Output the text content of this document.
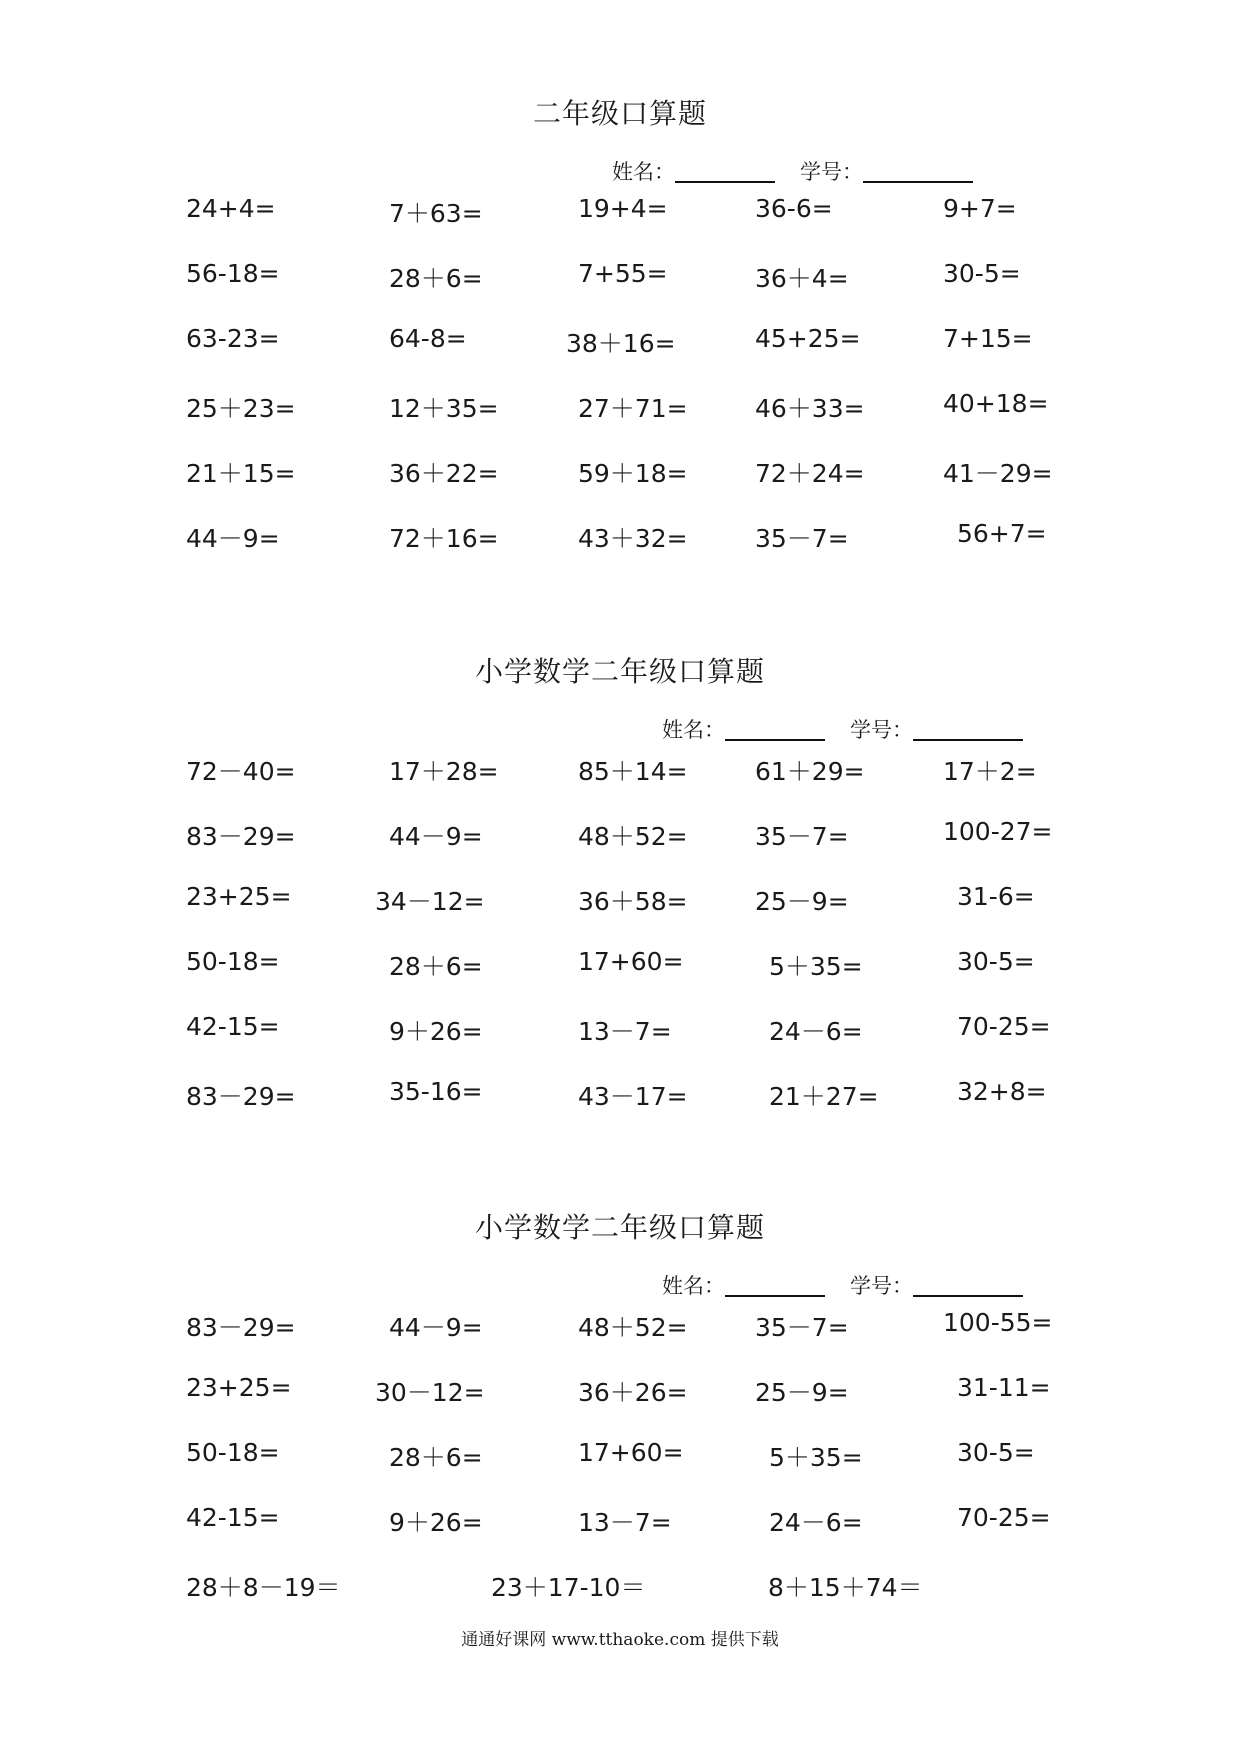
二年级口算题
姓名：	学号：
24+4=	7＋63=	19+4=	36-6=	9+7=
56-18=	28＋6=	7+55=	36＋4=	30-5=
63-23=	64-8=	38＋16=	45+25=	7+15=
25＋23=	12＋35=	27＋71=	46＋33=	40+18=
21＋15=	36＋22=	59＋18=	72＋24=	41－29=
44－9=	72＋16=	43＋32=	35－7=	56+7=
小学数学二年级口算题
姓名：	学号：
72－40=	17＋28=	85＋14=	61＋29=	17＋2=
83－29=	44－9=	48＋52=	35－7=	100-27=
23+25=	34－12=	36＋58=	25－9=	31-6=
50-18=	28＋6=	17+60=	5＋35=	30-5=
42-15=	9＋26=	13－7=	24－6=	70-25=
83－29=	35-16=	43－17=	21＋27=	32+8=
小学数学二年级口算题
姓名：	学号：
83－29=	44－9=	48＋52=	35－7=	100-55=
23+25=	30－12=	36＋26=	25－9=	31-11=
50-18=	28＋6=	17+60=	5＋35=	30-5=
42-15=	9＋26=	13－7=	24－6=	70-25=
28＋8－19＝	23＋17-10＝	8＋15＋74＝
通通好课网 www.tthaoke.com 提供下载
